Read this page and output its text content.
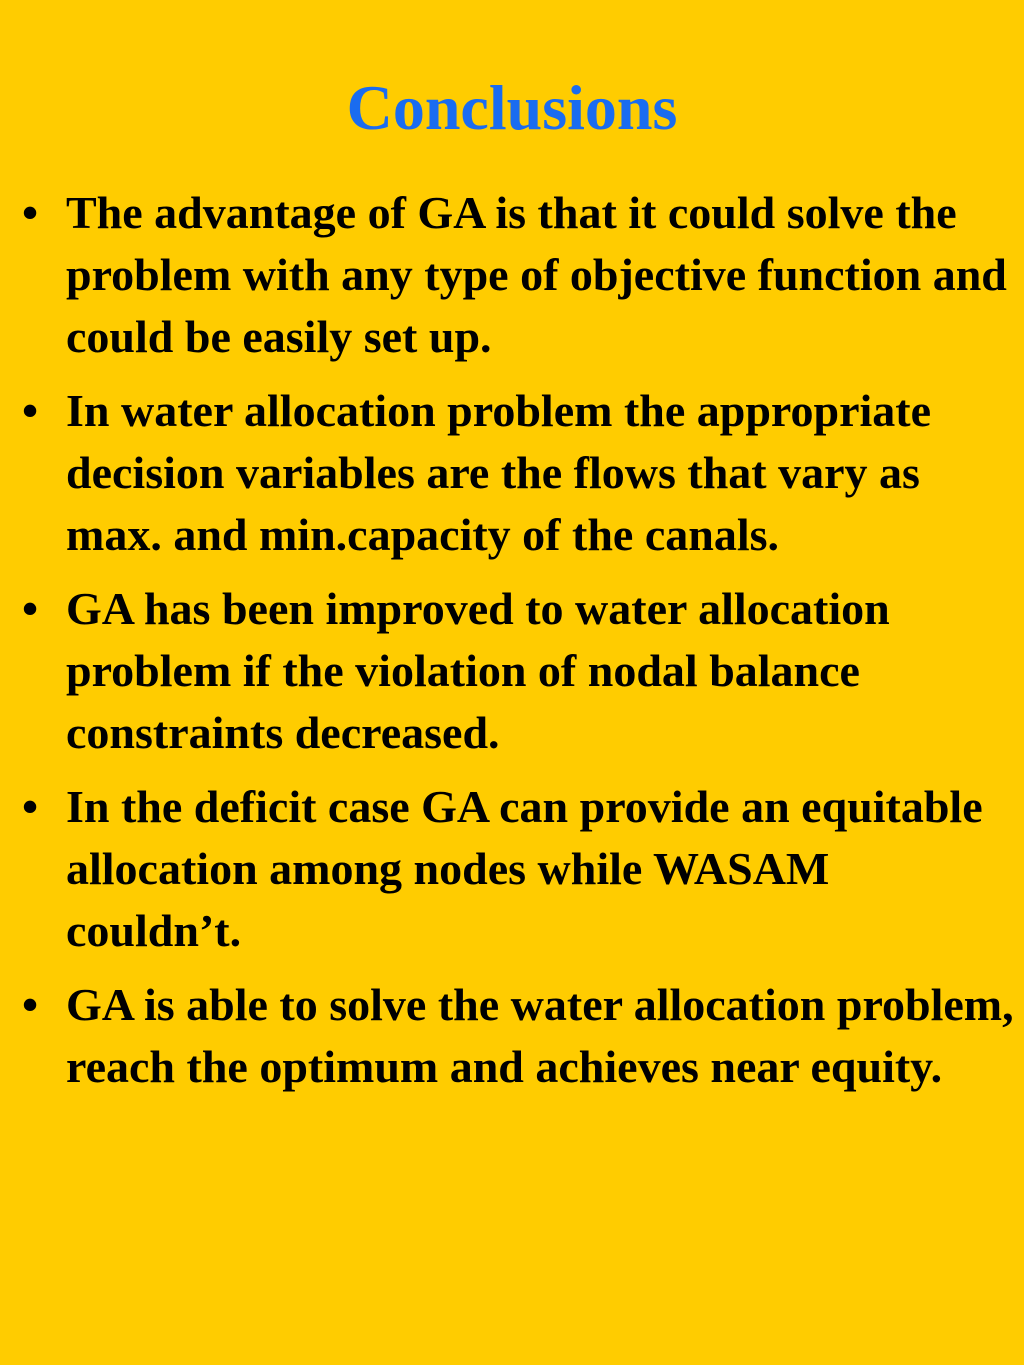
Conclusions
• The advantage of GA is that it could solve the problem with any type of objective function and could be easily set up.
• In water allocation problem the appropriate decision variables are the flows that vary as max. and min.capacity of the canals.
• GA has been improved to water allocation problem if the violation of nodal balance constraints decreased.
• In the deficit case GA can provide an equitable allocation among nodes while WASAM couldn’t.
• GA is able to solve the water allocation problem, reach the optimum and achieves near equity.
